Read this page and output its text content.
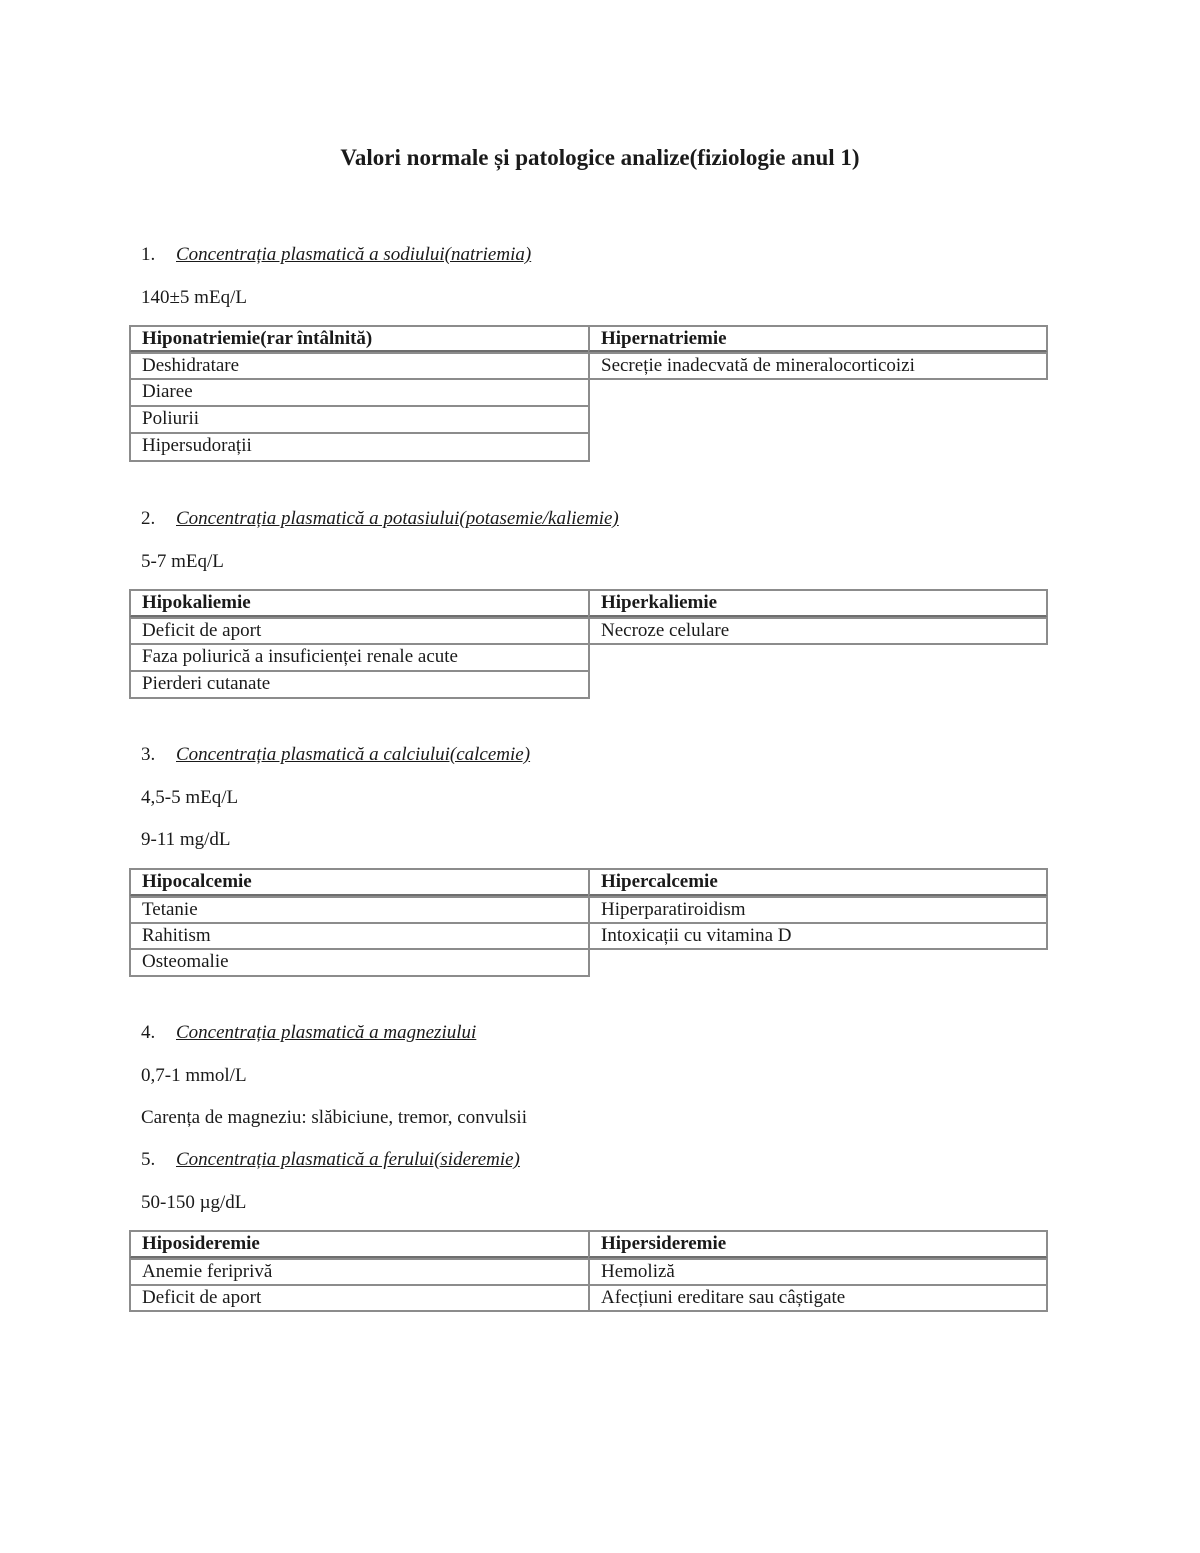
Valori normale și patologice analize(fiziologie anul 1)
1. Concentrația plasmatică a sodiului(natriemia)
140±5 mEq/L
Hiponatriemie(rar întâlnită)	Hipernatriemie
Deshidratare	Secreție inadecvată de mineralocorticoizi
Diaree
Poliurii
Hipersudorații
2. Concentrația plasmatică a potasiului(potasemie/kaliemie)
5-7 mEq/L
Hipokaliemie	Hiperkaliemie
Deficit de aport	Necroze celulare
Faza poliurică a insuficienței renale acute
Pierderi cutanate
3. Concentrația plasmatică a calciului(calcemie)
4,5-5 mEq/L
9-11 mg/dL
Hipocalcemie	Hipercalcemie
Tetanie	Hiperparatiroidism
Rahitism	Intoxicații cu vitamina D
Osteomalie
4. Concentrația plasmatică a magneziului
0,7-1 mmol/L
Carența de magneziu: slăbiciune, tremor, convulsii
5. Concentrația plasmatică a ferului(sideremie)
50-150 µg/dL
Hiposideremie	Hipersideremie
Anemie feriprivă	Hemoliză
Deficit de aport	Afecțiuni ereditare sau câștigate
